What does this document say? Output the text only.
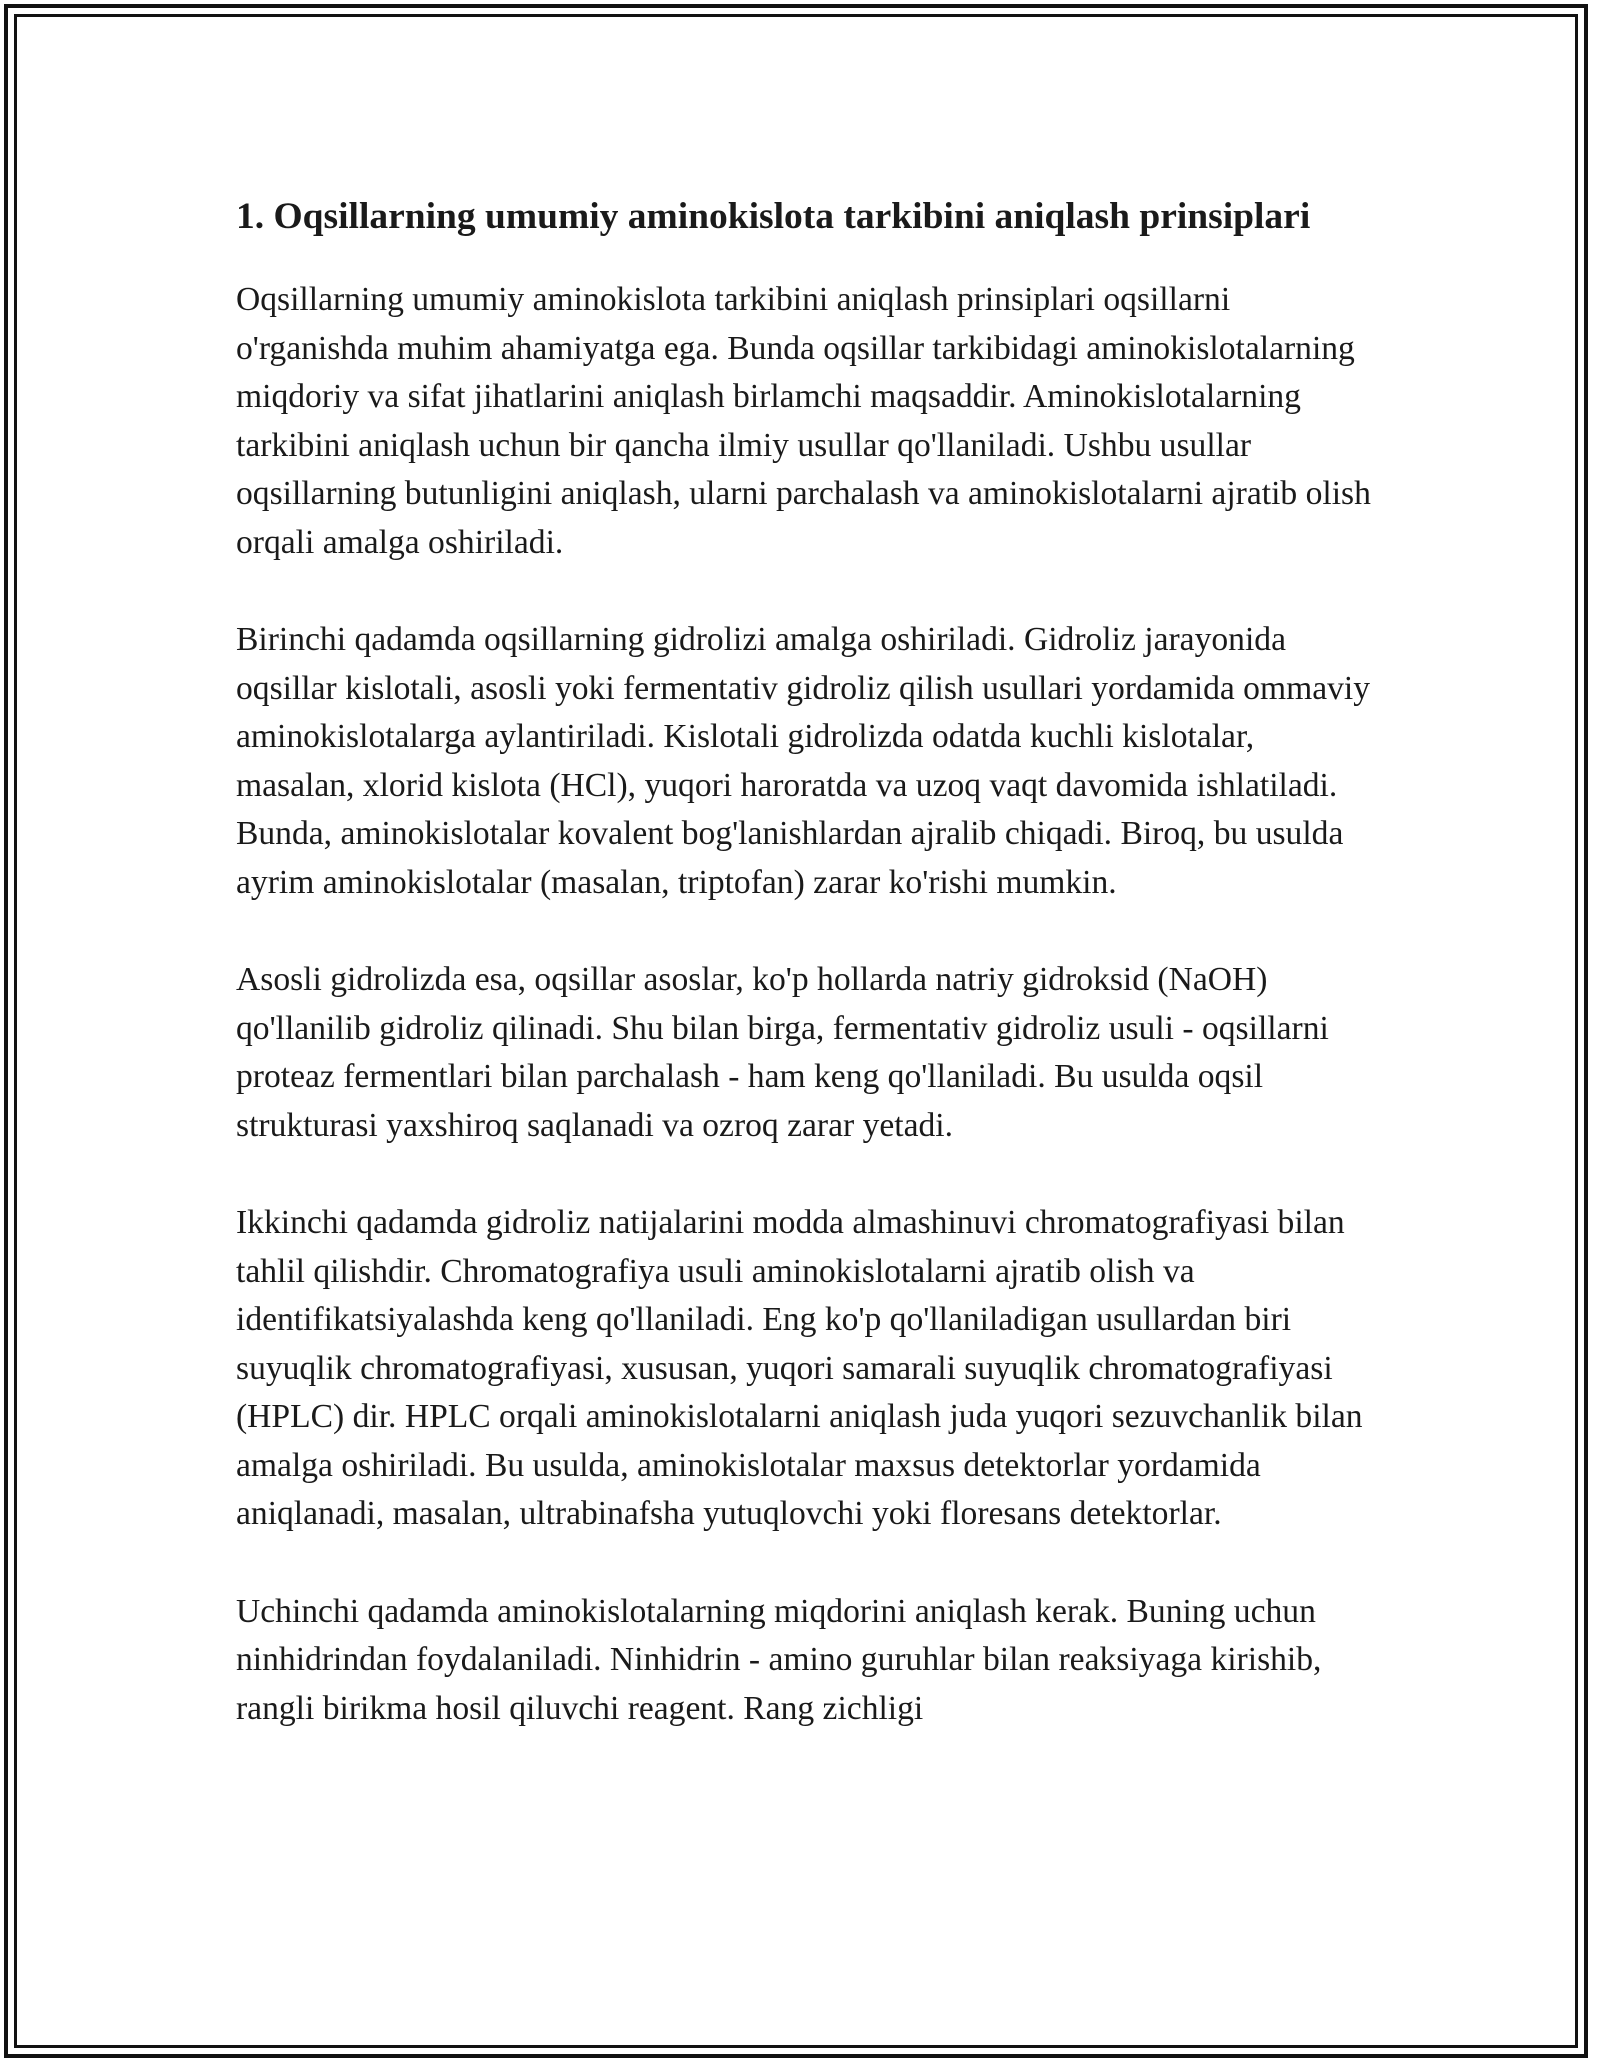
1. Oqsillarning umumiy aminokislota tarkibini aniqlash prinsiplari

Oqsillarning umumiy aminokislota tarkibini aniqlash prinsiplari oqsillarni o'rganishda muhim ahamiyatga ega. Bunda oqsillar tarkibidagi aminokislotalarning miqdoriy va sifat jihatlarini aniqlash birlamchi maqsaddir. Aminokislotalarning tarkibini aniqlash uchun bir qancha ilmiy usullar qo'llaniladi. Ushbu usullar oqsillarning butunligini aniqlash, ularni parchalash va aminokislotalarni ajratib olish orqali amalga oshiriladi.

Birinchi qadamda oqsillarning gidrolizi amalga oshiriladi. Gidroliz jarayonida oqsillar kislotali, asosli yoki fermentativ gidroliz qilish usullari yordamida ommaviy aminokislotalarga aylantiriladi. Kislotali gidrolizda odatda kuchli kislotalar, masalan, xlorid kislota (HCl), yuqori haroratda va uzoq vaqt davomida ishlatiladi. Bunda, aminokislotalar kovalent bog'lanishlardan ajralib chiqadi. Biroq, bu usulda ayrim aminokislotalar (masalan, triptofan) zarar ko'rishi mumkin.

Asosli gidrolizda esa, oqsillar asoslar, ko'p hollarda natriy gidroksid (NaOH) qo'llanilib gidroliz qilinadi. Shu bilan birga, fermentativ gidroliz usuli - oqsillarni proteaz fermentlari bilan parchalash - ham keng qo'llaniladi. Bu usulda oqsil strukturasi yaxshiroq saqlanadi va ozroq zarar yetadi.

Ikkinchi qadamda gidroliz natijalarini modda almashinuvi chromatografiyasi bilan tahlil qilishdir. Chromatografiya usuli aminokislotalarni ajratib olish va identifikatsiyalashda keng qo'llaniladi. Eng ko'p qo'llaniladigan usullardan biri suyuqlik chromatografiyasi, xususan, yuqori samarali suyuqlik chromatografiyasi (HPLC) dir. HPLC orqali aminokislotalarni aniqlash juda yuqori sezuvchanlik bilan amalga oshiriladi. Bu usulda, aminokislotalar maxsus detektorlar yordamida aniqlanadi, masalan, ultrabinafsha yutuqlovchi yoki floresans detektorlar.

Uchinchi qadamda aminokislotalarning miqdorini aniqlash kerak. Buning uchun ninhidrindan foydalaniladi. Ninhidrin - amino guruhlar bilan reaksiyaga kirishib, rangli birikma hosil qiluvchi reagent. Rang zichligi
